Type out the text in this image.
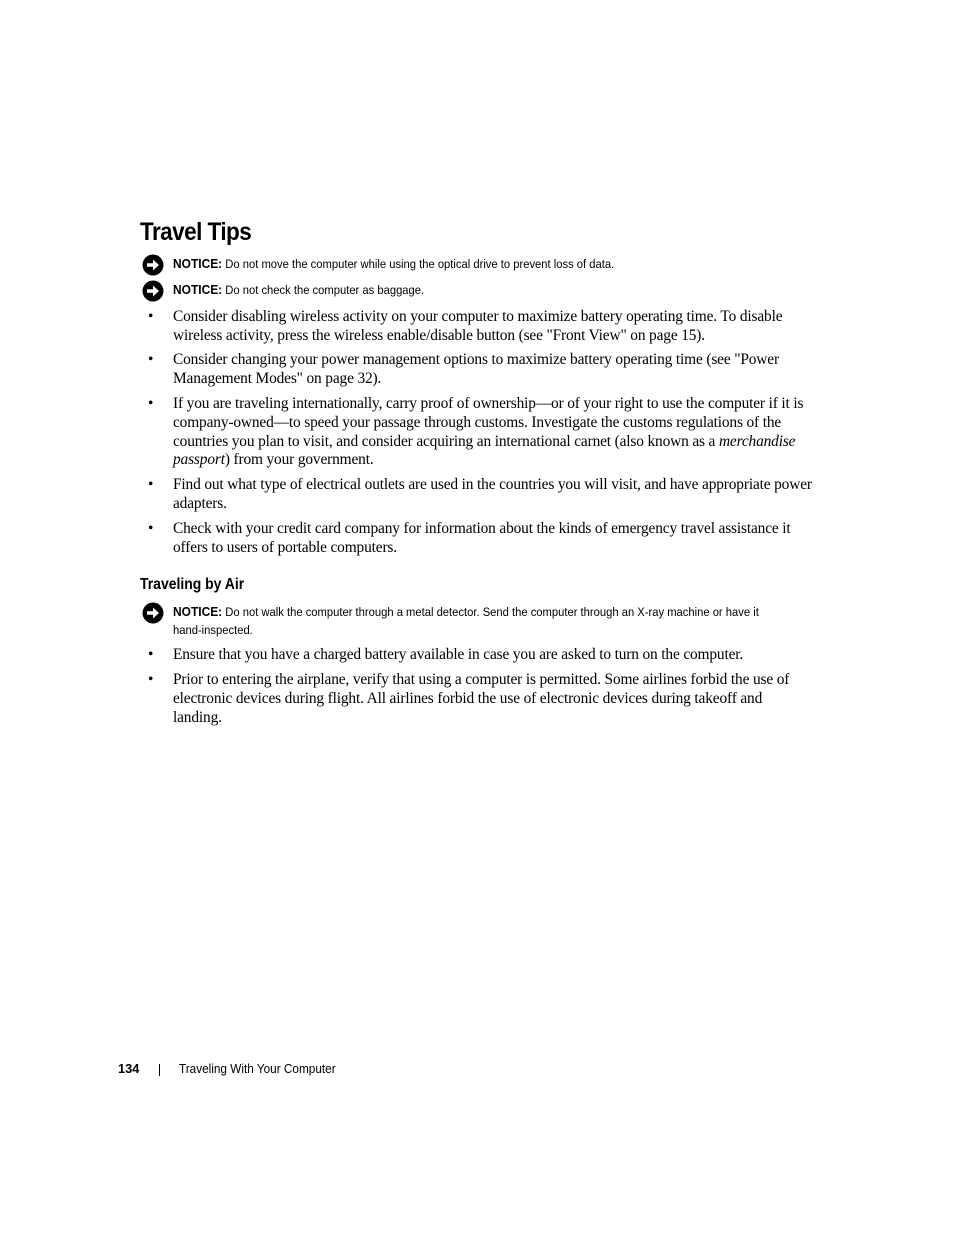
Travel Tips
NOTICE: Do not move the computer while using the optical drive to prevent loss of data.
NOTICE: Do not check the computer as baggage.
• Consider disabling wireless activity on your computer to maximize battery operating time. To disable wireless activity, press the wireless enable/disable button (see "Front View" on page 15).
• Consider changing your power management options to maximize battery operating time (see "Power Management Modes" on page 32).
• If you are traveling internationally, carry proof of ownership—or of your right to use the computer if it is company-owned—to speed your passage through customs. Investigate the customs regulations of the countries you plan to visit, and consider acquiring an international carnet (also known as a merchandise passport) from your government.
• Find out what type of electrical outlets are used in the countries you will visit, and have appropriate power adapters.
• Check with your credit card company for information about the kinds of emergency travel assistance it offers to users of portable computers.
Traveling by Air
NOTICE: Do not walk the computer through a metal detector. Send the computer through an X-ray machine or have it hand-inspected.
• Ensure that you have a charged battery available in case you are asked to turn on the computer.
• Prior to entering the airplane, verify that using a computer is permitted. Some airlines forbid the use of electronic devices during flight. All airlines forbid the use of electronic devices during takeoff and landing.
134	Traveling With Your Computer
